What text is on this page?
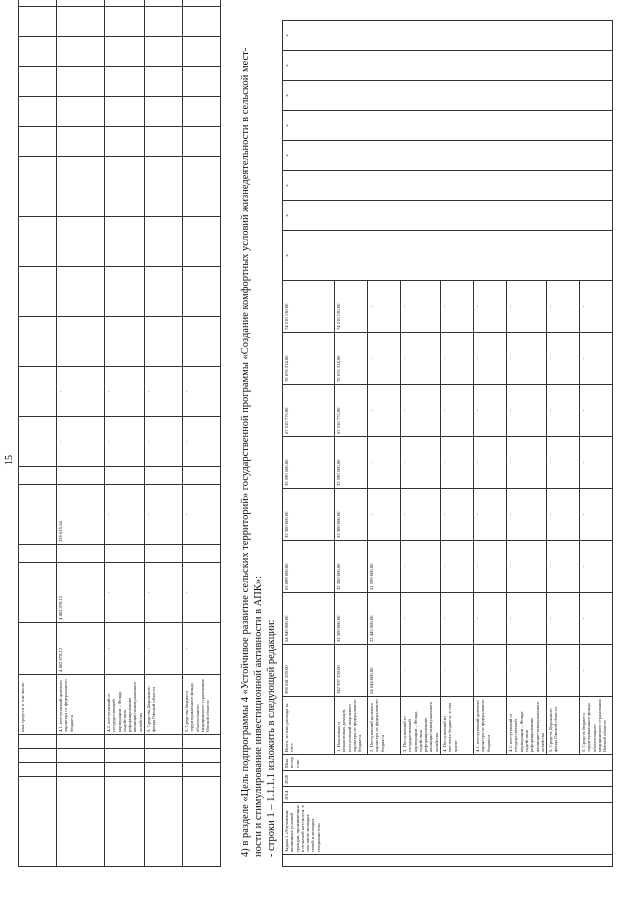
15
				ных средств, в том числе:																		
				4.1. поступлений целевого характера от федерального бюджета	4 402 878,12	4 402 878,12		326 615,54		-	-											
				4.2. поступлений от государственной корпорации – Фонда содействия реформированию жилищно-коммунального хозяйства	-	-		-		-	-											
				5. Средства Дорожного фонда Омской области	-	-		-		-	-											
				5. Средства бюджета территориального фонда обязательного медицинского страхования Омской области	-	-		-		-	-												4) в разделе «Цель подпрограммы 4 «Устойчивое развитие сельских территорий» государственной программы «Создание комфортных условий жизнедеятельности в сельской мест- ности и стимулирование инвестиционной активности в АПК»: - строки 1 – 1.1.1.1 изложить в следующей редакции:
	Задача 1 «Улучшение жилищных условий граждан, проживающих в сельской местности, в том числе молодых семей и молодых специалистов»	2014	2020	Министерство	Всего, из них расходы за счет:	396 641 259,00	54 945 000,00	63 899 000,00	33 300 000,00	33 590 500,00	67 310 775,00	70 676 314,00	74 210 130,00	x	x	x	x	x	x	x	x
					1. Налоговых и неналоговых доходов, поступлений нецелевого характера из федерального бюджета	342 597 259,00	32 500 000,00	32 300 000,00	33 300 000,00	33 590 500,00	67 310 775,00	70 676 314,00	74 210 130,00								
					2. Поступлений целевого характера из федерального бюджета	54 044 000,00	22 445 000,00	31 599 000,00	-	-	-	-	-								
					3. Поступлений от государственной корпорации – Фонда содействия реформированию жилищно-коммунального хозяйства	-	-	-	-	-	-	-	-								
					4. Поступлений из местного бюджета, в том числе:	-	-	-	-	-	-	-	-								
					4.1. поступлений целевого характера из федерального бюджета	-	-	-	-	-	-	-	-								
					4.2. поступлений от государственной корпорации – Фонда содействия реформированию жилищно-коммунального хозяйства	-	-	-	-	-	-	-	-								
					5. Средств Дорожного фонда Омской области	-	-	-	-	-	-	-	-								
					5. Средств бюджета территориального фонда обязательного медицинского страхования Омской области	-	-	-	-	-	-	-	-								
